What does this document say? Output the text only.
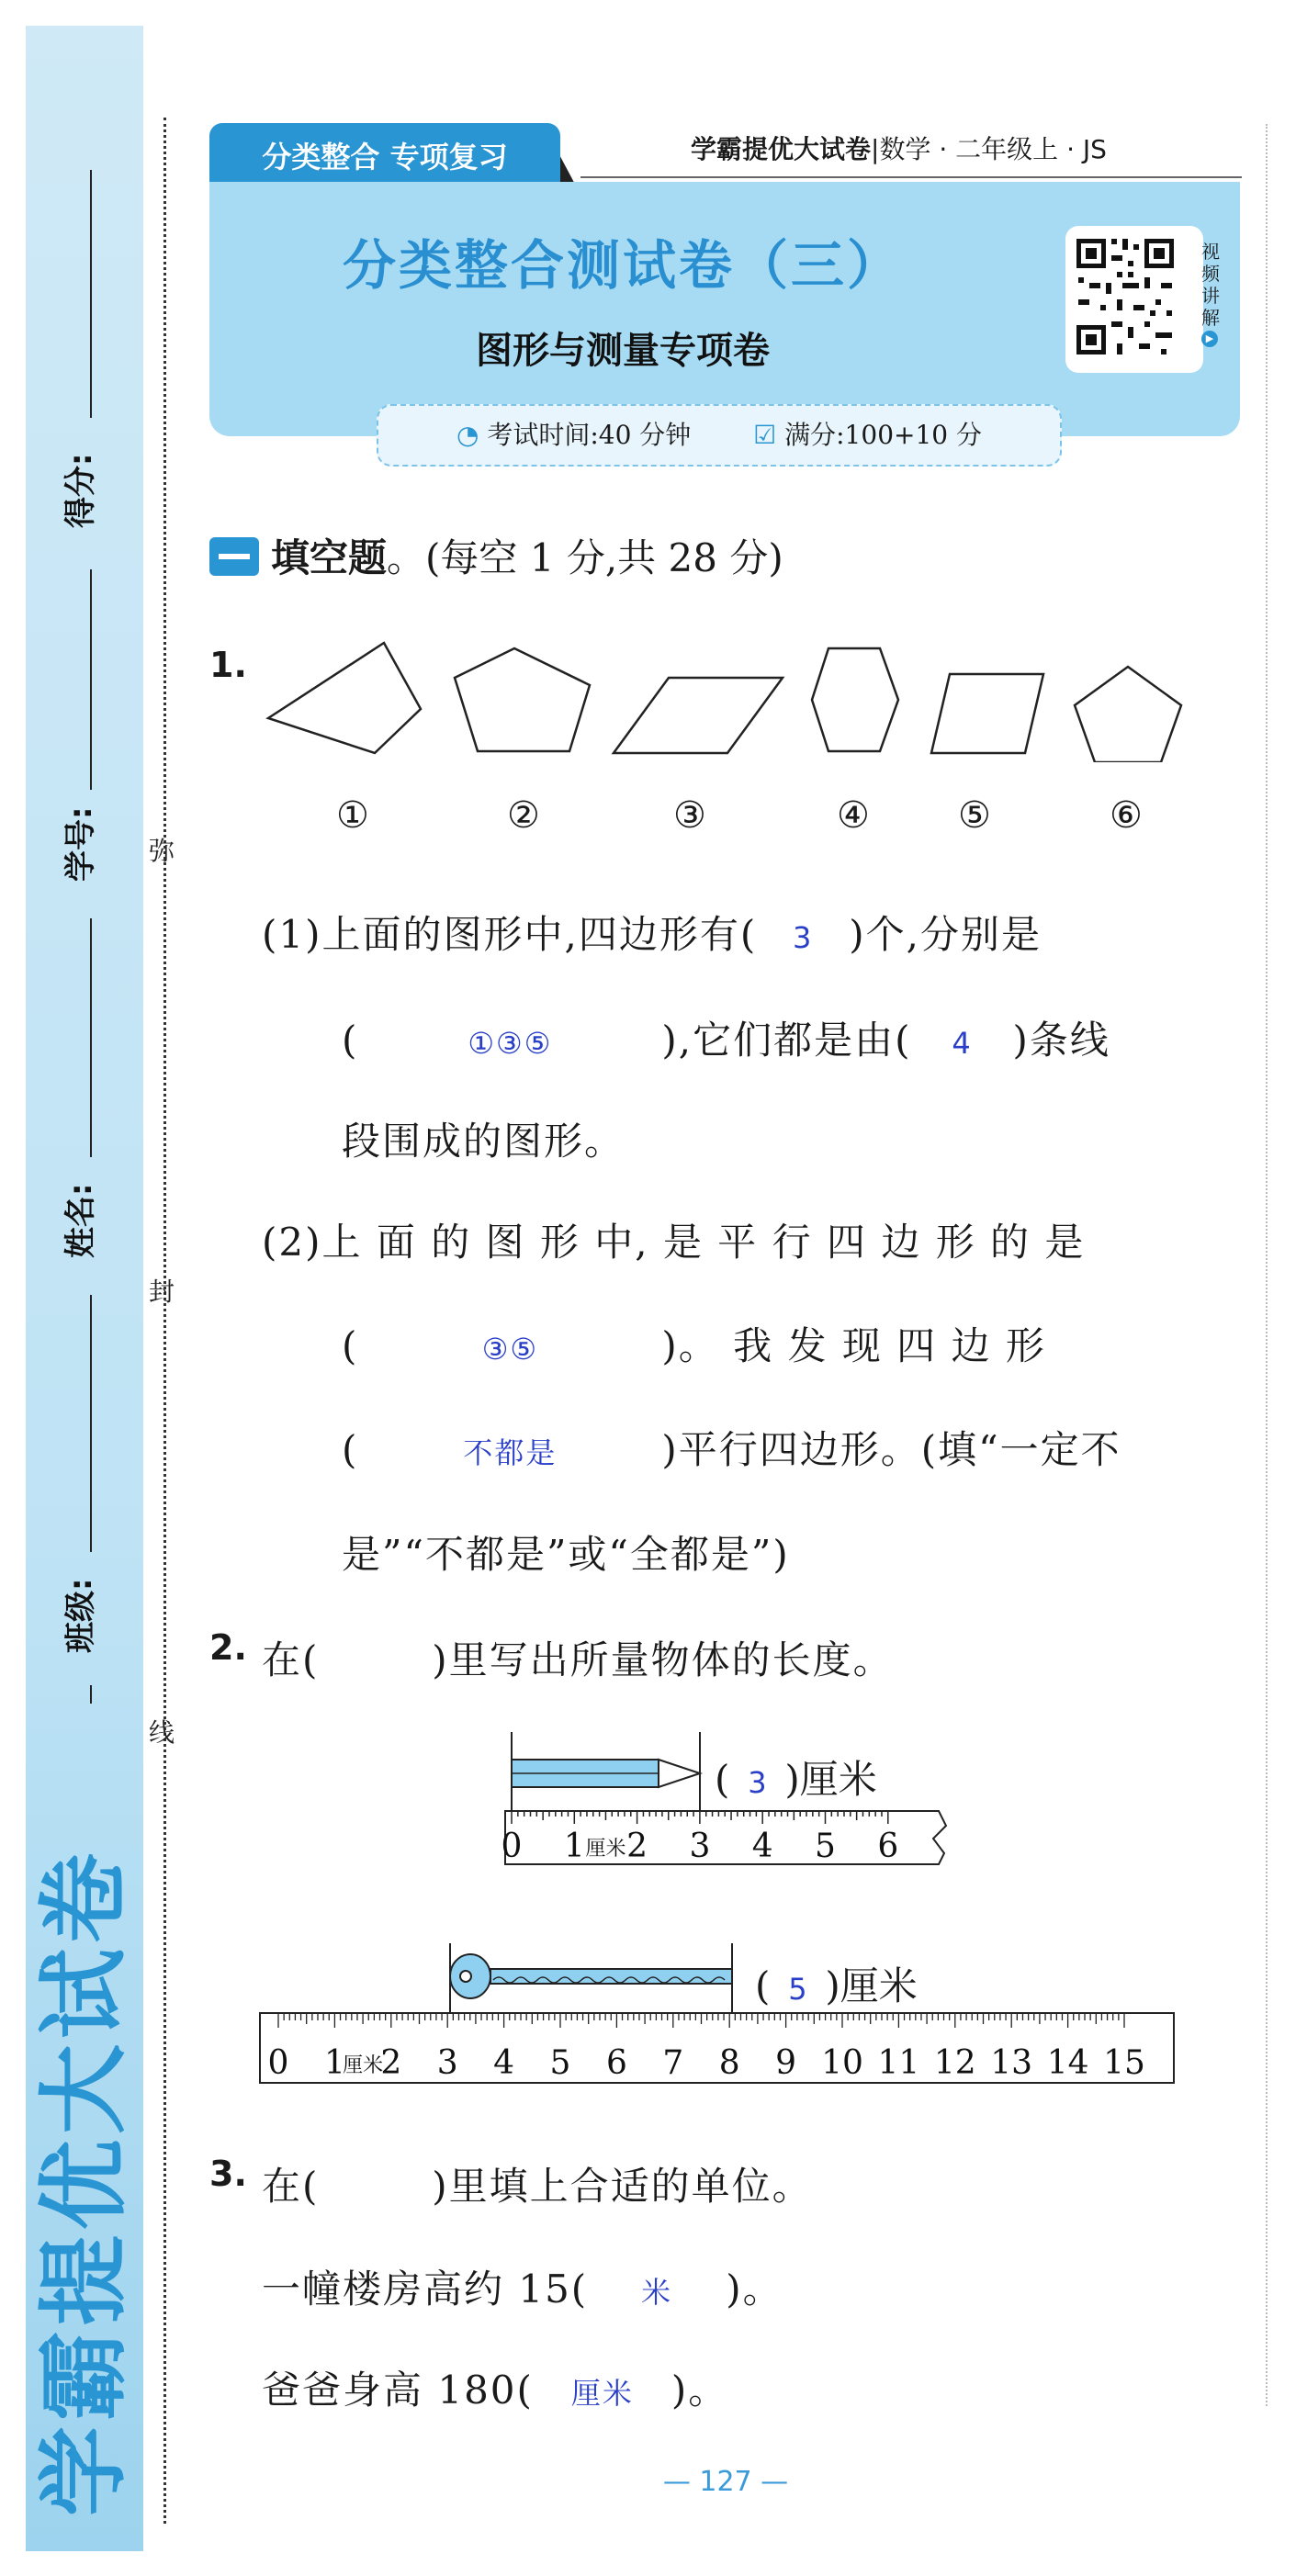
得分:
学号:
姓名:
班级:
学霸提优大试卷
弥
封
线
分类整合 专项复习	学霸提优大试卷|数学 · 二年级上 · JS
分类整合测试卷（三）
图形与测量专项卷
视频讲解
▶
◔ 考试时间:40 分钟 ☑ 满分:100+10 分
填空题。(每空 1 分,共 28 分)
1.
①	②	③	④ ⑤	⑥
(1)上面的图形中,四边形有( 3 )个,分别是
(	①③⑤	),它们都是由( 4 )条线
段围成的图形。
(2)上 面 的 图 形 中, 是 平 行 四 边 形 的 是
(	③⑤	)。 我 发 现 四 边 形
(	不都是	)平行四边形。(填“一定不
是”“不都是”或“全都是”)
2. 在(        )里写出所量物体的长度。
0 1 2 3 4 5 6
厘米
( 3 )厘米
0 1 2 3 4 5 6 7 8 9 10 11 12 13 14 15
厘米
( 5 )厘米
3. 在(        )里填上合适的单位。
一幢楼房高约 15( 米 )。
爸爸身高 180( 厘米 )。
— 127 —
